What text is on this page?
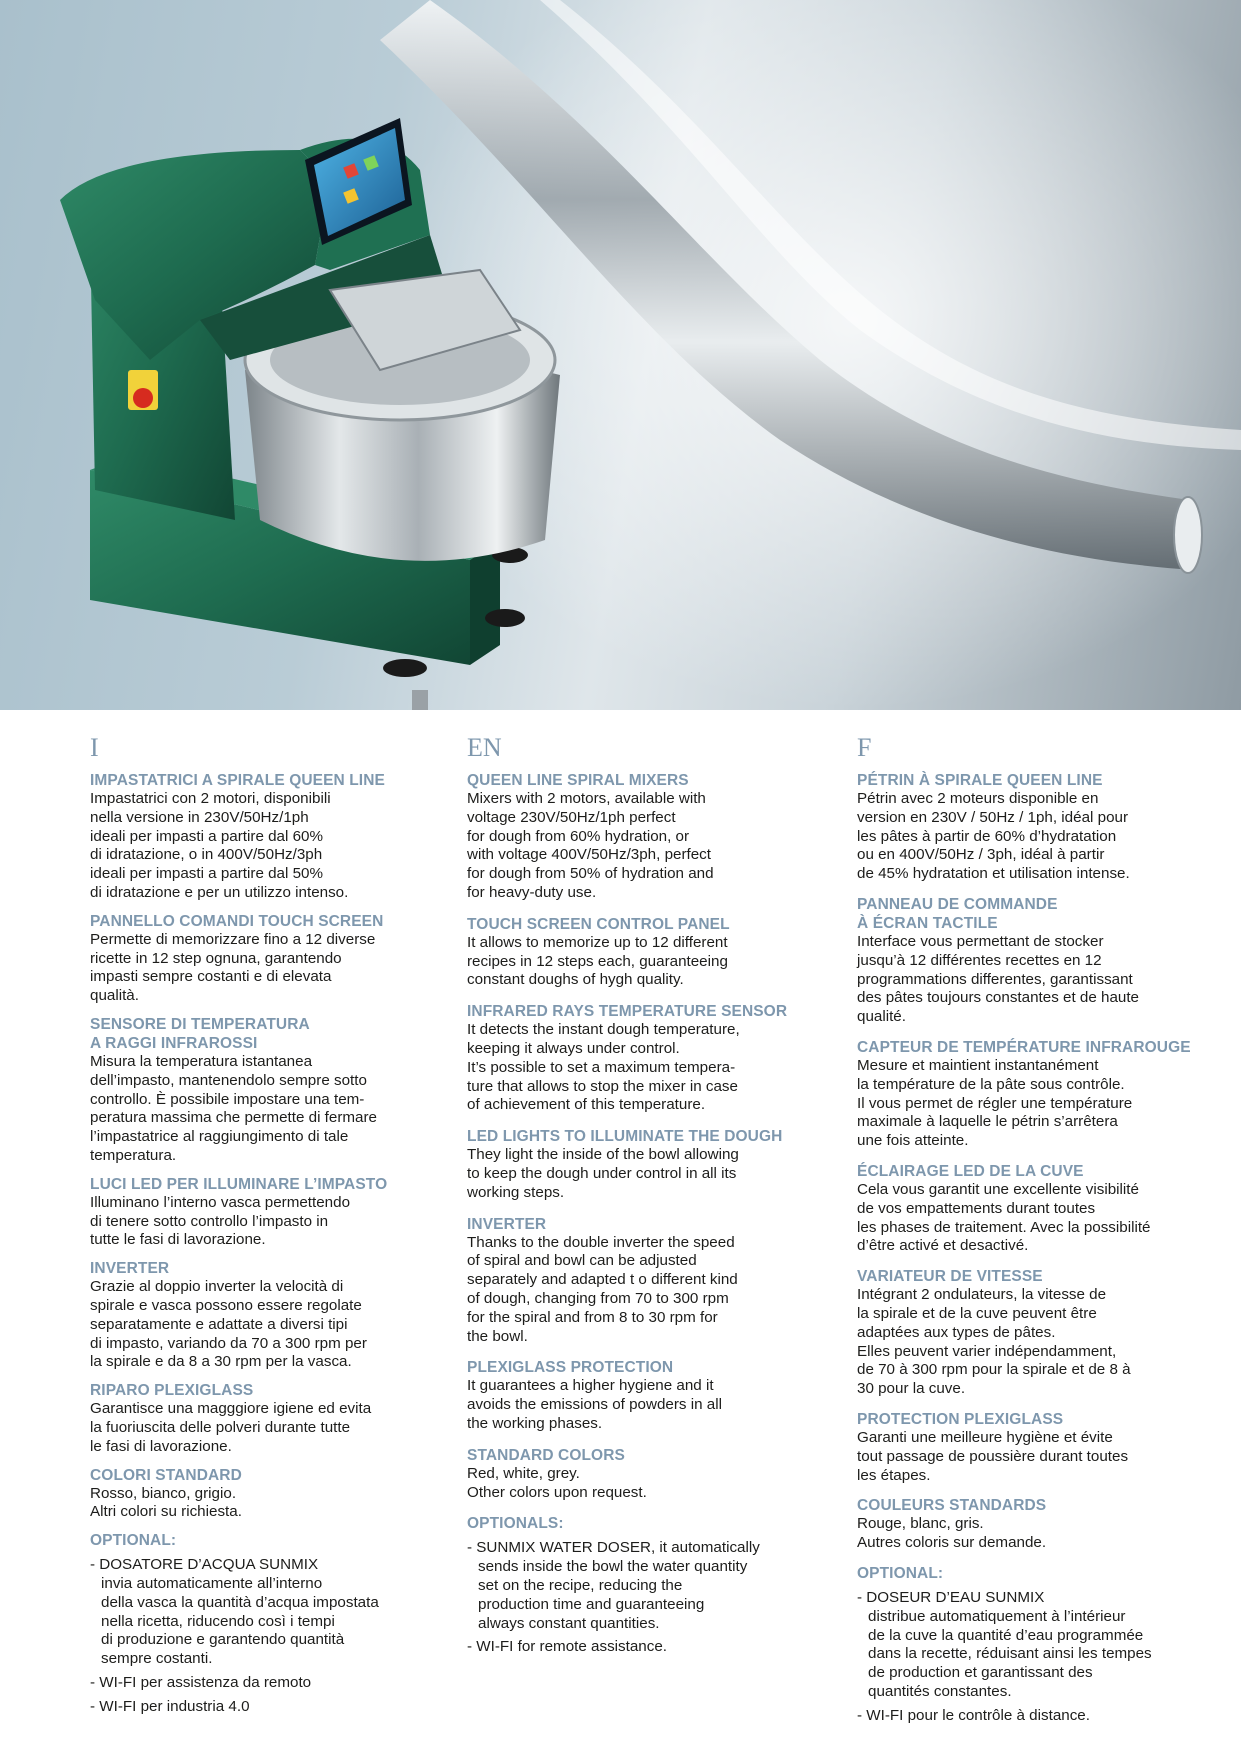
I
IMPASTATRICI A SPIRALE QUEEN LINE
Impastatrici con 2 motori, disponibili
nella versione in 230V/50Hz/1ph
ideali per impasti a partire dal 60%
di idratazione, o in 400V/50Hz/3ph
ideali per impasti a partire dal 50%
di idratazione e per un utilizzo intenso.
PANNELLO COMANDI TOUCH SCREEN
Permette di memorizzare fino a 12 diverse
ricette in 12 step ognuna, garantendo
impasti sempre costanti e di elevata
qualità.
SENSORE DI TEMPERATURA
A RAGGI INFRAROSSI
Misura la temperatura istantanea
dell’impasto, mantenendolo sempre sotto
controllo. È possibile impostare una tem-
peratura massima che permette di fermare
l’impastatrice al raggiungimento di tale
temperatura.
LUCI LED PER ILLUMINARE L’IMPASTO
Illuminano l’interno vasca permettendo
di tenere sotto controllo l’impasto in
tutte le fasi di lavorazione.
INVERTER
Grazie al doppio inverter la velocità di
spirale e vasca possono essere regolate
separatamente e adattate a diversi tipi
di impasto, variando da 70 a 300 rpm per
la spirale e da 8 a 30 rpm per la vasca.
RIPARO PLEXIGLASS
Garantisce una magggiore igiene ed evita
la fuoriuscita delle polveri durante tutte
le fasi di lavorazione.
COLORI STANDARD
Rosso, bianco, grigio.
Altri colori su richiesta.
OPTIONAL:
- DOSATORE D’ACQUA SUNMIX
invia automaticamente all’interno
della vasca la quantità d’acqua impostata
nella ricetta, riducendo così i tempi
di produzione e garantendo quantità
sempre costanti.
- WI-FI per assistenza da remoto
- WI-FI per industria 4.0
EN
QUEEN LINE SPIRAL MIXERS
Mixers with 2 motors, available with
voltage 230V/50Hz/1ph perfect
for dough from 60% hydration, or
with voltage 400V/50Hz/3ph, perfect
for dough from 50% of hydration and
for heavy-duty use.
TOUCH SCREEN CONTROL PANEL
It allows to memorize up to 12 different
recipes in 12 steps each, guaranteeing
constant doughs of hygh quality.
INFRARED RAYS TEMPERATURE SENSOR
It detects the instant dough temperature,
keeping it always under control.
It’s possible to set a maximum tempera-
ture that allows to stop the mixer in case
of achievement of this temperature.
LED LIGHTS TO ILLUMINATE THE DOUGH
They light the inside of the bowl allowing
to keep the dough under control in all its
working steps.
INVERTER
Thanks to the double inverter the speed
of spiral and bowl can be adjusted
separately and adapted t o different kind
of dough, changing from 70 to 300 rpm
for the spiral and from 8 to 30 rpm for
the bowl.
PLEXIGLASS PROTECTION
It guarantees a higher hygiene and it
avoids the emissions of powders in all
the working phases.
STANDARD COLORS
Red, white, grey.
Other colors upon request.
OPTIONALS:
- SUNMIX WATER DOSER, it automatically
sends inside the bowl the water quantity
set on the recipe, reducing the
production time and guaranteeing
always constant quantities.
- WI-FI for remote assistance.
F
PÉTRIN À SPIRALE QUEEN LINE
Pétrin avec 2 moteurs disponible en
version en 230V / 50Hz / 1ph, idéal pour
les pâtes à partir de 60% d’hydratation
ou en 400V/50Hz / 3ph, idéal à partir
de 45% hydratation et utilisation intense.
PANNEAU DE COMMANDE
À ÉCRAN TACTILE
Interface vous permettant de stocker
jusqu’à 12 différentes recettes en 12
programmations differentes, garantissant
des pâtes toujours constantes et de haute
qualité.
CAPTEUR DE TEMPÉRATURE INFRAROUGE
Mesure et maintient instantanément
la température de la pâte sous contrôle.
Il vous permet de régler une température
maximale à laquelle le pétrin s’arrêtera
une fois atteinte.
ÉCLAIRAGE LED DE LA CUVE
Cela vous garantit une excellente visibilité
de vos empattements durant toutes
les phases de traitement. Avec la possibilité
d’être activé et desactivé.
VARIATEUR DE VITESSE
Intégrant 2 ondulateurs, la vitesse de
la spirale et de la cuve peuvent être
adaptées aux types de pâtes.
Elles peuvent varier indépendamment,
de 70 à 300 rpm pour la spirale et de 8 à
30 pour la cuve.
PROTECTION PLEXIGLASS
Garanti une meilleure hygiène et évite
tout passage de poussière durant toutes
les étapes.
COULEURS STANDARDS
Rouge, blanc, gris.
Autres coloris sur demande.
OPTIONAL:
- DOSEUR D’EAU SUNMIX
distribue automatiquement à l’intérieur
de la cuve la quantité d’eau programmée
dans la recette, réduisant ainsi les tempes
de production et garantissant des
quantités constantes.
- WI-FI pour le contrôle à distance.
